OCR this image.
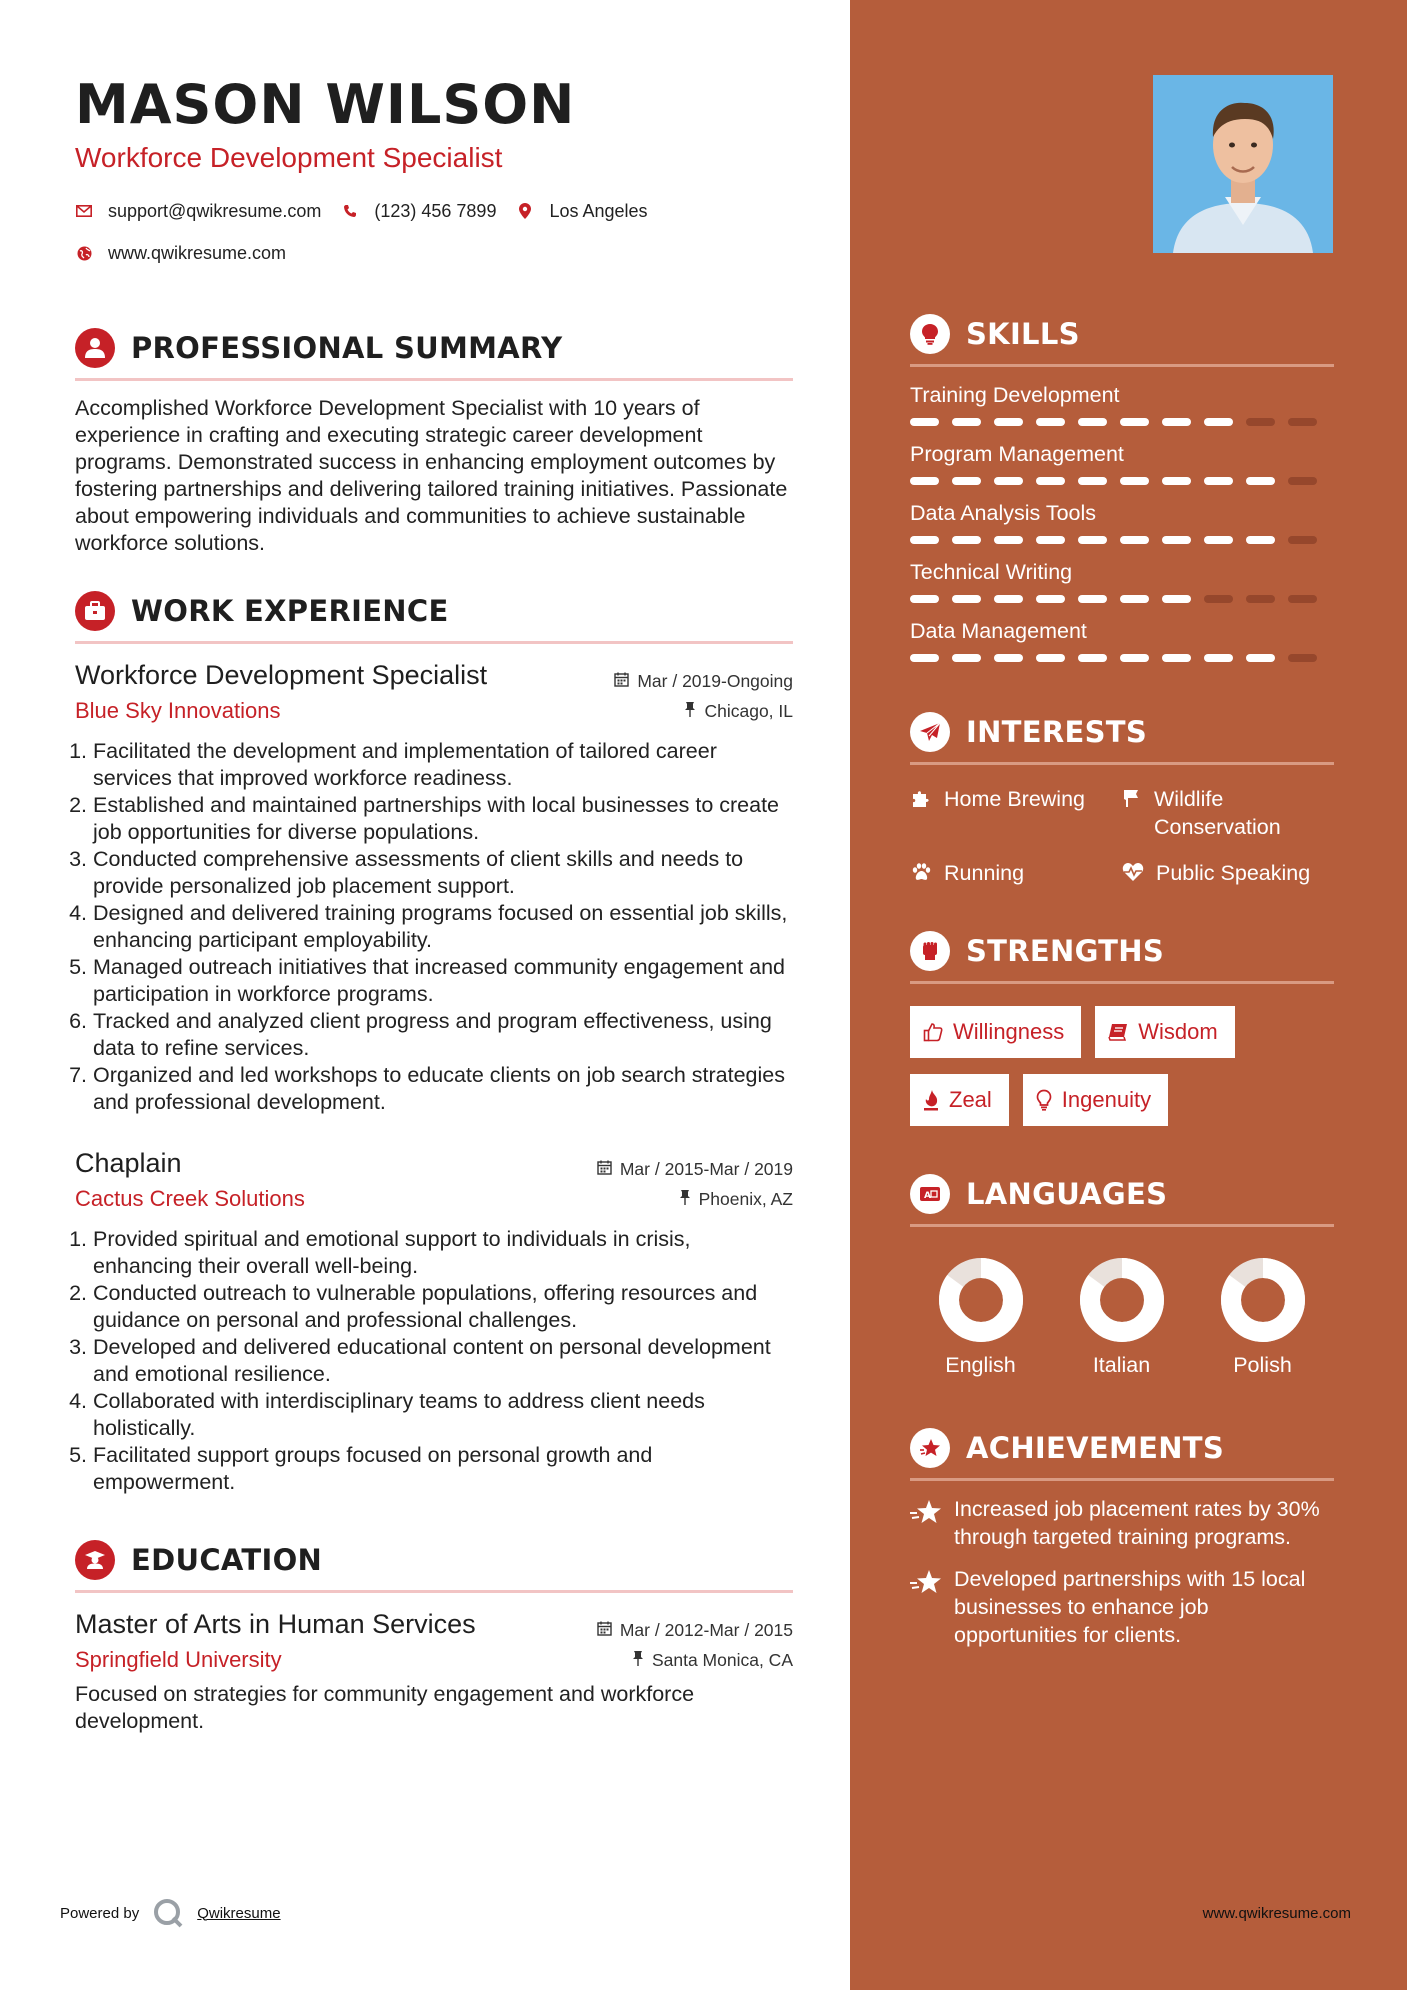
MASON WILSON
Workforce Development Specialist
support@qwikresume.com	(123) 456 7899	Los Angeles
www.qwikresume.com
PROFESSIONAL SUMMARY
Accomplished Workforce Development Specialist with 10 years of experience in crafting and executing strategic career development programs. Demonstrated success in enhancing employment outcomes by fostering partnerships and delivering tailored training initiatives. Passionate about empowering individuals and communities to achieve sustainable workforce solutions.
WORK EXPERIENCE
Workforce Development Specialist	Mar / 2019-Ongoing
Blue Sky Innovations	Chicago, IL
1. Facilitated the development and implementation of tailored career services that improved workforce readiness.
2. Established and maintained partnerships with local businesses to create job opportunities for diverse populations.
3. Conducted comprehensive assessments of client skills and needs to provide personalized job placement support.
4. Designed and delivered training programs focused on essential job skills, enhancing participant employability.
5. Managed outreach initiatives that increased community engagement and participation in workforce programs.
6. Tracked and analyzed client progress and program effectiveness, using data to refine services.
7. Organized and led workshops to educate clients on job search strategies and professional development.
Chaplain	Mar / 2015-Mar / 2019
Cactus Creek Solutions	Phoenix, AZ
1. Provided spiritual and emotional support to individuals in crisis, enhancing their overall well-being.
2. Conducted outreach to vulnerable populations, offering resources and guidance on personal and professional challenges.
3. Developed and delivered educational content on personal development and emotional resilience.
4. Collaborated with interdisciplinary teams to address client needs holistically.
5. Facilitated support groups focused on personal growth and empowerment.
EDUCATION
Master of Arts in Human Services	Mar / 2012-Mar / 2015
Springfield University	Santa Monica, CA
Focused on strategies for community engagement and workforce development.
Powered by	Qwikresume
SKILLS
Training Development
Program Management
Data Analysis Tools
Technical Writing
Data Management
INTERESTS
Home Brewing	Wildlife Conservation
Running	Public Speaking
STRENGTHS
Willingness	Wisdom
Zeal	Ingenuity
A LANGUAGES
English	Italian	Polish
ACHIEVEMENTS
Increased job placement rates by 30% through targeted training programs.
Developed partnerships with 15 local businesses to enhance job opportunities for clients.
www.qwikresume.com
